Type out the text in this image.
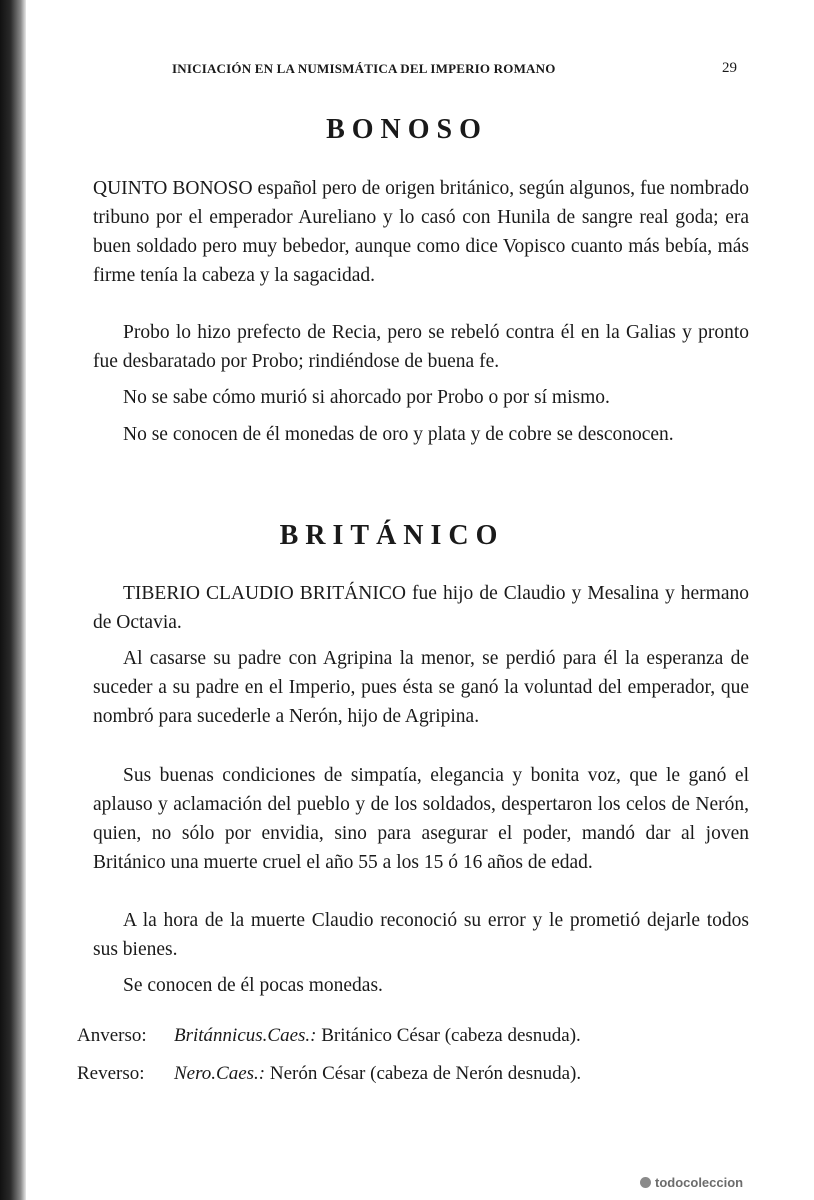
INICIACIÓN EN LA NUMISMÁTICA DEL IMPERIO ROMANO	29
BONOSO
QUINTO BONOSO español pero de origen británico, según algunos, fue nombrado tribuno por el emperador Aureliano y lo casó con Hunila de sangre real goda; era buen soldado pero muy bebedor, aunque como dice Vopisco cuanto más bebía, más firme tenía la cabeza y la sagacidad.
Probo lo hizo prefecto de Recia, pero se rebeló contra él en la Galias y pronto fue desbaratado por Probo; rindiéndose de buena fe.
No se sabe cómo murió si ahorcado por Probo o por sí mismo.
No se conocen de él monedas de oro y plata y de cobre se desconocen.
BRITÁNICO
TIBERIO CLAUDIO BRITÁNICO fue hijo de Claudio y Mesalina y hermano de Octavia.
Al casarse su padre con Agripina la menor, se perdió para él la esperanza de suceder a su padre en el Imperio, pues ésta se ganó la voluntad del emperador, que nombró para sucederle a Nerón, hijo de Agripina.
Sus buenas condiciones de simpatía, elegancia y bonita voz, que le ganó el aplauso y aclamación del pueblo y de los soldados, despertaron los celos de Nerón, quien, no sólo por envidia, sino para asegurar el poder, mandó dar al joven Británico una muerte cruel el año 55 a los 15 ó 16 años de edad.
A la hora de la muerte Claudio reconoció su error y le prometió dejarle todos sus bienes.
Se conocen de él pocas monedas.
Anverso: Británnicus.Caes.: Británico César (cabeza desnuda).
Reverso: Nero.Caes.: Nerón César (cabeza de Nerón desnuda).
todocoleccion
